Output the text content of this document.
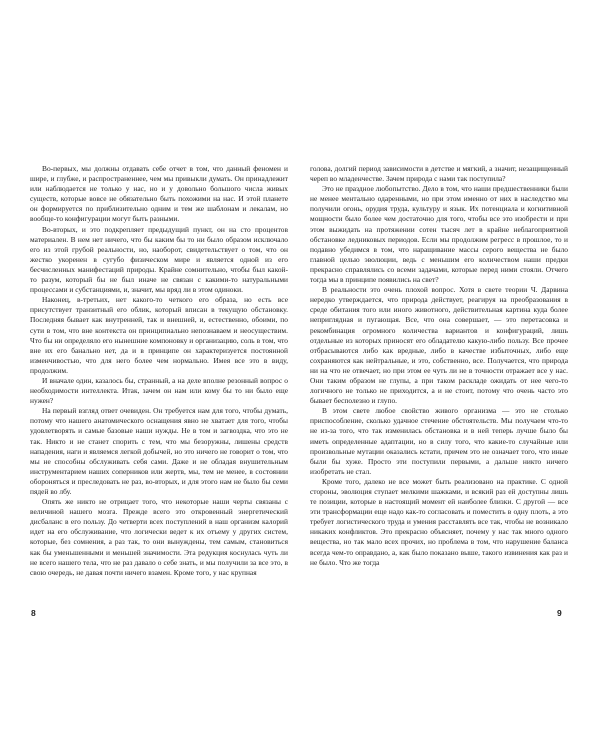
Во-первых, мы должны отдавать себе отчет в том, что данный феномен и шире, и глубже, и распространеннее, чем мы привыкли думать. Он принадлежит или наблюдается не только у нас, но и у довольно большого числа живых существ, которые вовсе не обязательно быть похожими на нас. И этой планете он формируется по приблизительно одним и тем же шаблонам и лекалам, но вообще-то конфигурации могут быть разными.

Во-вторых, и это подкрепляет предыдущий пункт, он на сто процентов материален. В нем нет ничего, что бы каким бы то ни было образом исключало его из этой грубой реальности, но, наоборот, свидетельствует о том, что он жестко укоренен в сугубо физическом мире и является одной из его бесчисленных манифестаций природы. Крайне сомнительно, чтобы был какой-то разум, который бы не был иначе не связан с какими-то натуральными процессами и субстанциями, и, значит, мы вряд ли в этом одиноки.

Наконец, в-третьих, нет какого-то четкого его образа, но есть все присутствует транзитный его облик, который вписан в текущую обстановку. Последняя бывает как внутренней, так и внешней, и, естественно, обоими, по сути в том, что вне контекста он принципиально непознаваем и неосуществим. Что бы ни определяло его нынешние компоновку и организацию, соль в том, что вне их его банально нет, да и в принципе он характеризуется постоянной изменчивостью, что для него более чем нормально. Имея все это в виду, продолжим.

И вначале один, казалось бы, странный, а на деле вполне резонный вопрос о необходимости интеллекта. Итак, зачем он нам или кому бы то ни было еще нужен?

На первый взгляд ответ очевиден. Он требуется нам для того, чтобы думать, потому что нашего анатомического оснащения явно не хватает для того, чтобы удовлетворять и самые базовые наши нужды. Не в том и загвоздка, что это не так. Никто и не станет спорить с тем, что мы безоружны, лишены средств нападения, наги и являемся легкой добычей, но это ничего не говорит о том, что мы не способны обслуживать себя сами. Даже и не обладая внушительным инструментарием наших соперников или жертв, мы, тем не менее, в состоянии обороняться и преследовать не раз, во-вторых, и для этого нам не было бы семи пядей во лбу.

Опять же никто не отрицает того, что некоторые наши черты связаны с величиной нашего мозга. Прежде всего это откровенный энергетический дисбаланс в его пользу. До четверти всех поступлений в наш организм калорий идет на его обслуживание, что логически ведет к их отъему у других систем, которые, без сомнения, а раз так, то они вынуждены, тем самым, становиться как бы уменьшенными и меньшей значимости. Эта редукция коснулась чуть ли не всего нашего тела, что не раз давало о себе знать, и мы получили за все это, в свою очередь, не давая почти ничего взамен. Кроме того, у нас крупная

8

голова, долгий период зависимости в детстве и мягкий, а значит, незащищенный череп во младенчестве. Зачем природа с нами так поступила?

Это не праздное любопытство. Дело в том, что наши предшественники были не менее ментально одаренными, но при этом именно от них в наследство мы получили огонь, орудия труда, культуру и язык. Их потенциала и когнитивной мощности было более чем достаточно для того, чтобы все это изобрести и при этом выжидать на протяжении сотен тысяч лет в крайне неблагоприятной обстановке ледниковых периодов. Если мы продолжим регресс в прошлое, то и подавно убедимся в том, что наращивание массы серого вещества не было главной целью эволюции, ведь с меньшим его количеством наши предки прекрасно справлялись со всеми задачами, которые перед ними стояли. Отчего тогда мы в принципе появились на свет?

В реальности это очень плохой вопрос. Хотя в свете теории Ч. Дарвина нередко утверждается, что природа действует, реагируя на преобразования в среде обитания того или иного животного, действительная картина куда более неприглядная и пугающая. Все, что она совершает, — это перетасовка и рекомбинация огромного количества вариантов и конфигураций, лишь отдельные из которых приносят его обладателю какую-либо пользу. Все прочее отбрасываются либо как вредные, либо в качестве избыточных, либо еще сохраняются как нейтральные, и это, собственно, все. Получается, что природа ни на что не отвечает, но при этом ее чуть ли не в точности отражает все у нас. Они таким образом не глупы, а при таком раскладе ожидать от нее чего-то логичного не только не приходится, а и не стоит, потому что очень часто это бывает бесполезно и глупо.

В этом свете любое свойство живого организма — это не столько приспособление, сколько удачное стечение обстоятельств. Мы получаем что-то не из-за того, что так изменилась обстановка и в ней теперь лучше было бы иметь определенные адаптации, но в силу того, что какие-то случайные или произвольные мутации оказались кстати, причем это не означает того, что иные были бы хуже. Просто эти поступили первыми, а дальше никто ничего изобретать не стал.

Кроме того, далеко не все может быть реализовано на практике. С одной стороны, эволюция ступает мелкими шажками, и всякий раз ей доступны лишь те позиции, которые в настоящий момент ей наиболее близки. С другой — все эти трансформации еще надо как-то согласовать и поместить в одну плоть, а это требует логистического труда и умения расставлять все так, чтобы не возникало никаких конфликтов. Это прекрасно объясняет, почему у нас так много одного вещества, но так мало всех прочих, но проблема в том, что нарушение баланса всегда чем-то оправдано, а, как было показано выше, такого извинения как раз и не было. Что же тогда

9
